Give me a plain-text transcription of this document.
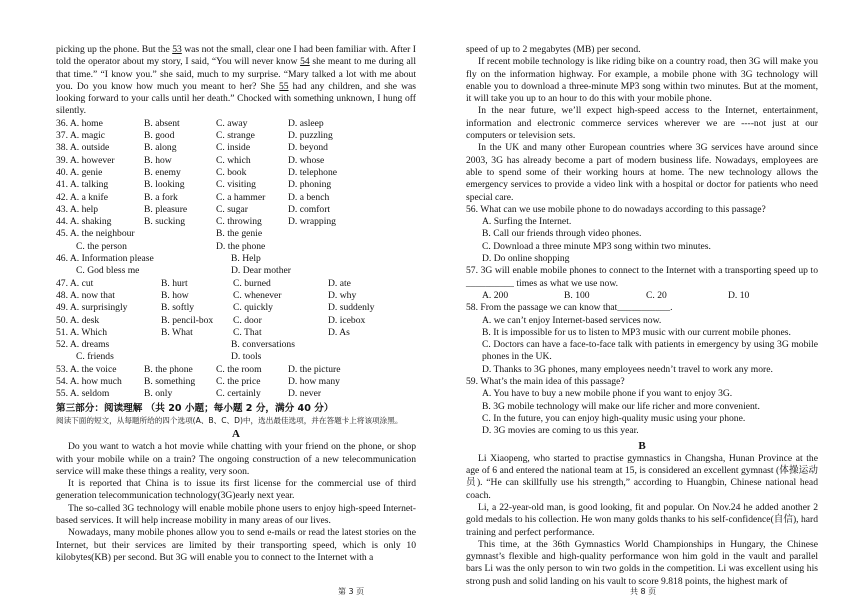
picking up the phone. But the 53 was not the small, clear one I had been familiar with. After I told the operator about my story, I said, “You will never know 54 she meant to me during all that time.” “I know you.” she said, much to my surprise. “Mary talked a lot with me about you. Do you know how much you meant to her? She 55 had any children, and she was looking forward to your calls until her death.” Chocked with something unknown, I hung off silently.

36. A. home	B. absent	C. away	D. asleep
37. A. magic	B. good	C. strange	D. puzzling
38. A. outside	B. along	C. inside	D. beyond
39. A. however	B. how	C. which	D. whose
40. A. genie	B. enemy	C. book	D. telephone
41. A. talking	B. looking	C. visiting	D. phoning
42. A. a knife	B. a fork	C. a hammer	D. a bench
43. A. help	B. pleasure	C. sugar	D. comfort
44. A. shaking	B. sucking	C. throwing	D. wrapping
45. A. the neighbour	B. the genie
C. the person	D. the phone
46. A. Information please	B. Help
C. God bless me	D. Dear mother
47. A. cut	B. hurt	C. burned	D. ate
48. A. now that	B. how	C. whenever	D. why
49. A. surprisingly	B. softly	C. quickly	D. suddenly
50. A. desk	B. pencil-box	C. door	D. icebox
51. A. Which	B. What	C. That	D. As
52. A. dreams	B. conversations
C. friends	D. tools
53. A. the voice	B. the phone	C. the room	D. the picture
54. A. how much	B. something	C. the price	D. how many
55. A. seldom	B. only	C. certainly	D. never
第三部分：阅读理解 （共 20 小题；每小题 2 分，满分 40 分）
阅读下面的短文，从每题所给的四个选项(A、B、C、D)中，选出最佳选项，并在答题卡上将该项涂黑。
A

Do you want to watch a hot movie while chatting with your friend on the phone, or shop with your mobile while on a train? The ongoing construction of a new telecommunication service will make these things a reality, very soon.

It is reported that China is to issue its first license for the commercial use of third generation telecommunication technology(3G)early next year.

The so-called 3G technology will enable mobile phone users to enjoy high-speed Internet-based services. It will help increase mobility in many areas of our lives.

Nowadays, many mobile phones allow you to send e-mails or read the latest stories on the Internet, but their services are limited by their transporting speed, which is only 10 kilobytes(KB) per second. But 3G will enable you to connect to the Internet with a

speed of up to 2 megabytes (MB) per second.

If recent mobile technology is like riding bike on a country road, then 3G will make you fly on the information highway. For example, a mobile phone with 3G technology will enable you to download a three-minute MP3 song within two minutes. But at the moment, it will take you up to an hour to do this with your mobile phone.

In the near future, we’ll expect high-speed access to the Internet, entertainment, information and electronic commerce services wherever we are ----not just at our computers or television sets.

In the UK and many other European countries where 3G services have around since 2003, 3G has already become a part of modern business life. Nowadays, employees are able to spend some of their working hours at home. The new technology allows the emergency services to provide a video link with a hospital or doctor for patients who need special care.

56. What can we use mobile phone to do nowadays according to this passage?

A. Surfing the Internet.
B. Call our friends through video phones.
C. Download a three minute MP3 song within two minutes.
D. Do online shopping

57. 3G will enable mobile phones to connect to the Internet with a transporting speed up to __________ times as what we use now.

A. 200	B. 100	C. 20	D. 10

58. From the passage we can know that___________.

A. we can’t enjoy Internet-based services now.
B. It is impossible for us to listen to MP3 music with our current mobile phones.

C. Doctors can have a face-to-face talk with patients in emergency by using 3G mobile phones in the UK.

D. Thanks to 3G phones, many employees needn’t travel to work any more.

59. What’s the main idea of this passage?

A. You have to buy a new mobile phone if you want to enjoy 3G.
B. 3G mobile technology will make our life richer and more convenient.
C. In the future, you can enjoy high-quality music using your phone.
D. 3G movies are coming to us this year.
B

Li Xiaopeng, who started to practise gymnastics in Changsha, Hunan Province at the age of 6 and entered the national team at 15, is considered an excellent gymnast (体操运动员). “He can skillfully use his strength,” according to Huangbin, Chinese national head coach.

Li, a 22-year-old man, is good looking, fit and popular. On Nov.24 he added another 2 gold medals to his collection. He won many golds thanks to his self-confidence(自信), hard training and perfect performance.

This time, at the 36th Gymnastics World Championships in Hungary, the Chinese gymnast’s flexible and high-quality performance won him gold in the vault and parallel bars Li was the only person to win two golds in the competition. Li was excellent using his strong push and solid landing on his vault to score 9.818 points, the highest mark of

第 3 页	共 8 页
